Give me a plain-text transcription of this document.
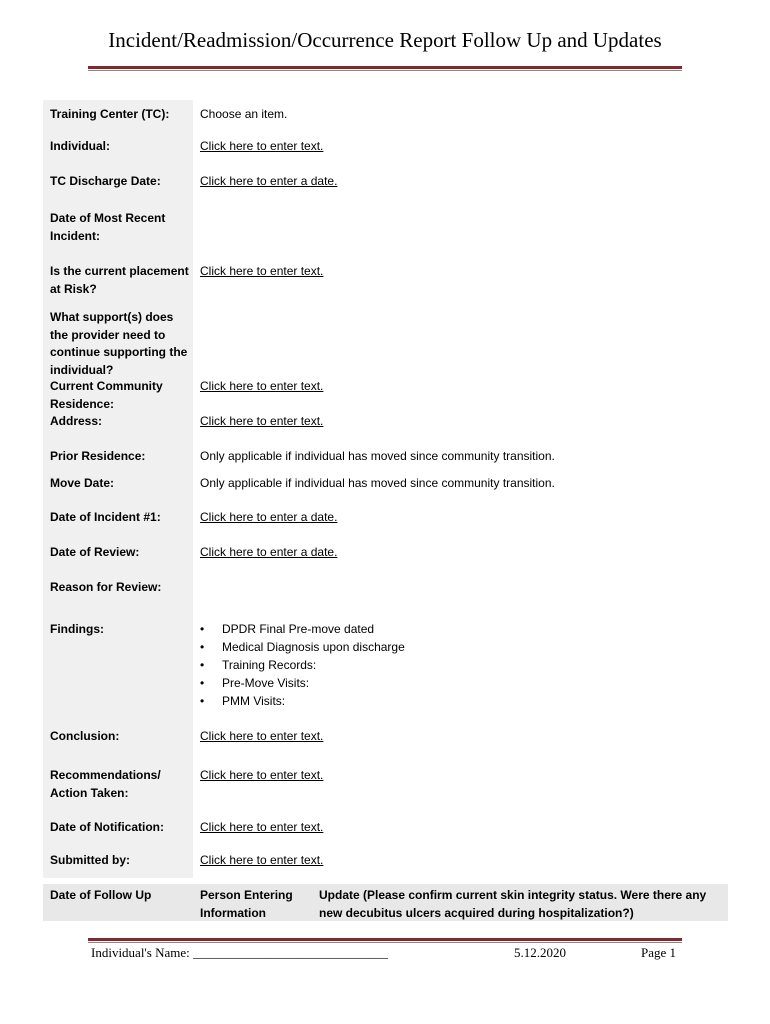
Incident/Readmission/Occurrence Report Follow Up and Updates
Training Center (TC):	Choose an item.
Individual:	Click here to enter text.
TC Discharge Date:	Click here to enter a date.
Date of Most Recent Incident:
Is the current placement at Risk?
Click here to enter text.
What support(s) does the provider need to continue supporting the individual?
Current Community Residence:
Click here to enter text.
Address:	Click here to enter text.
Prior Residence:	Only applicable if individual has moved since community transition.
Move Date:	Only applicable if individual has moved since community transition.
Date of Incident #1:	Click here to enter a date.
Date of Review:	Click here to enter a date.
Reason for Review:
Findings:
•	DPDR Final Pre-move dated
• Medical Diagnosis upon discharge
• Training Records:
• Pre-Move Visits:
• PMM Visits:
Conclusion:	Click here to enter text.
Recommendations/ Action Taken:
Click here to enter text.
Date of Notification:	Click here to enter text.
Submitted by:	Click here to enter text.
Date of Follow Up	Person Entering Information
Update (Please confirm current skin integrity status. Were there any new decubitus ulcers acquired during hospitalization?)
Individual's Name: ______________________________	5.12.2020	Page 1
